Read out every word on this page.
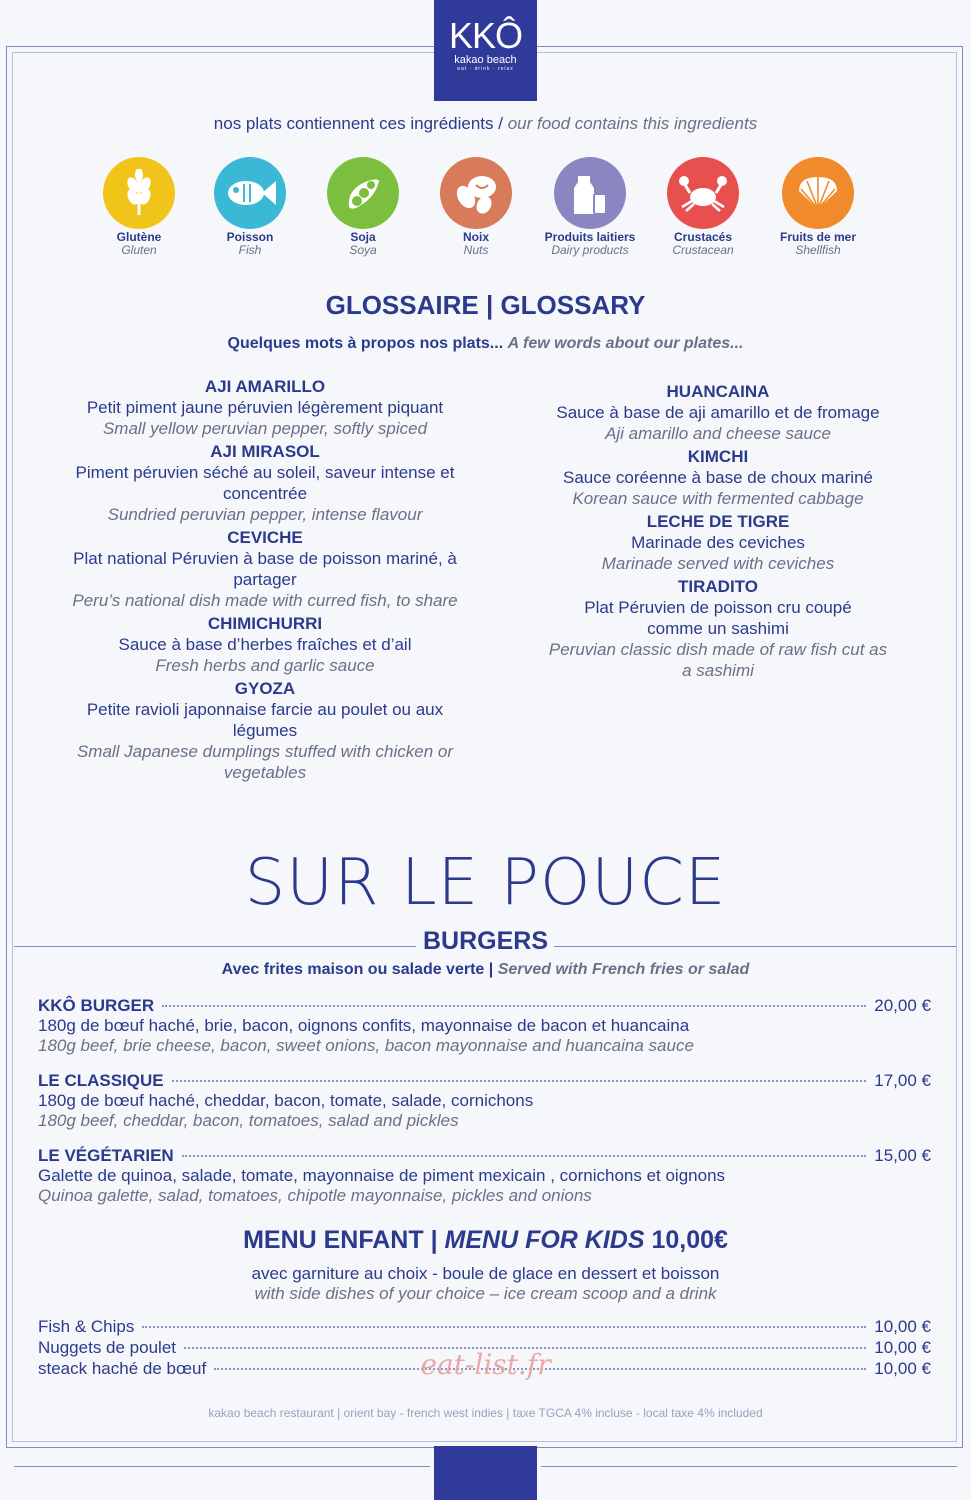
KKÔ
kakao beach
eat · drink · relax
nos plats contiennent ces ingrédients / our food contains this ingredients
Glutène
Gluten
Poisson
Fish
Soja
Soya
Noix
Nuts
Produits laitiers
Dairy products
Crustacés
Crustacean
Fruits de mer
Shellfish
GLOSSAIRE | GLOSSARY
Quelques mots à propos nos plats... A few words about our plates...
AJI AMARILLO
Petit piment jaune péruvien légèrement piquant
Small yellow peruvian pepper, softly spiced
AJI MIRASOL
Piment péruvien séché au soleil, saveur intense et concentrée
Sundried peruvian pepper, intense flavour
CEVICHE
Plat national Péruvien à base de poisson mariné, à partager
Peru’s national dish made with curred fish, to share
CHIMICHURRI
Sauce à base d’herbes fraîches et d’ail
Fresh herbs and garlic sauce
GYOZA
Petite ravioli japonnaise farcie au poulet ou aux légumes
Small Japanese dumplings stuffed with chicken or vegetables
HUANCAINA
Sauce à base de aji amarillo et de fromage
Aji amarillo and cheese sauce
KIMCHI
Sauce coréenne à base de choux mariné
Korean sauce with fermented cabbage
LECHE DE TIGRE
Marinade des ceviches
Marinade served with ceviches
TIRADITO
Plat Péruvien de poisson cru coupé comme un sashimi
Peruvian classic dish made of raw fish cut as a sashimi
SUR LE POUCE
BURGERS
Avec frites maison ou salade verte | Served with French fries or salad
KKÔ BURGER	20,00 €
180g de bœuf haché, brie, bacon, oignons confits, mayonnaise de bacon et huancaina
180g beef, brie cheese, bacon, sweet onions, bacon mayonnaise and huancaina sauce
LE CLASSIQUE	17,00 €
180g de bœuf haché, cheddar, bacon, tomate, salade, cornichons
180g beef, cheddar, bacon, tomatoes, salad and pickles
LE VÉGÉTARIEN	15,00 €
Galette de quinoa, salade, tomate, mayonnaise de piment mexicain , cornichons et oignons
Quinoa galette, salad, tomatoes, chipotle mayonnaise, pickles and onions
MENU ENFANT | MENU FOR KIDS 10,00€
avec garniture au choix - boule de glace en dessert et boisson
with side dishes of your choice – ice cream scoop and a drink
Fish & Chips	10,00 €
Nuggets de poulet	10,00 €
steack haché de bœuf	10,00 €
eat-list.fr
kakao beach restaurant | orient bay - french west indies | taxe TGCA 4% incluse - local taxe 4% included
